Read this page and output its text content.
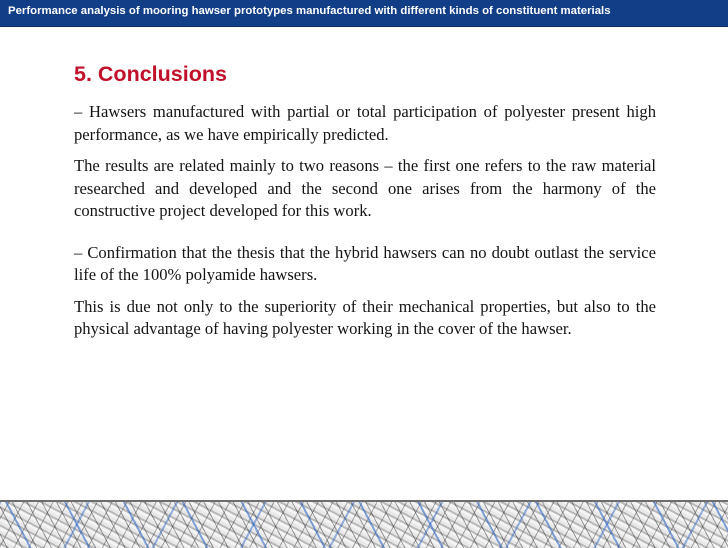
Performance analysis of mooring hawser prototypes manufactured with different kinds of constituent materials
5. Conclusions

– Hawsers manufactured with partial or total participation of polyester present high performance, as we have empirically predicted.

The results are related mainly to two reasons – the first one refers to the raw material researched and developed and the second one arises from the harmony of the constructive project developed for this work.

– Confirmation that the thesis that the hybrid hawsers can no doubt outlast the service life of the 100% polyamide hawsers.

This is due not only to the superiority of their mechanical properties, but also to the physical advantage of having polyester working in the cover of the hawser.
